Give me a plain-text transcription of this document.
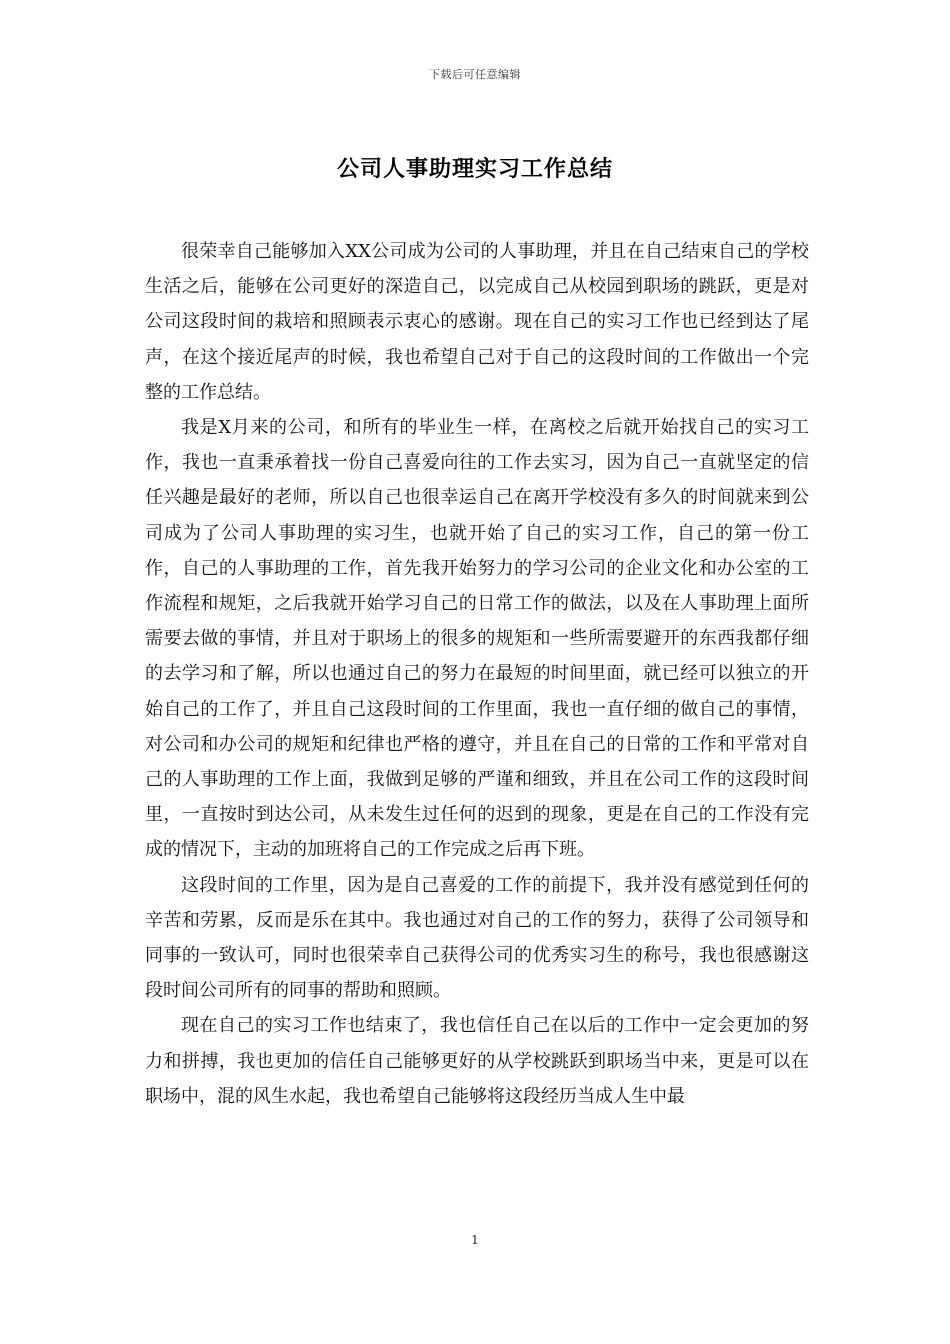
下载后可任意编辑
公司人事助理实习工作总结

很荣幸自己能够加入XX公司成为公司的人事助理，并且在自己结束自己的学校生活之后，能够在公司更好的深造自己，以完成自己从校园到职场的跳跃，更是对公司这段时间的栽培和照顾表示衷心的感谢。现在自己的实习工作也已经到达了尾声，在这个接近尾声的时候，我也希望自己对于自己的这段时间的工作做出一个完整的工作总结。

我是X月来的公司，和所有的毕业生一样，在离校之后就开始找自己的实习工作，我也一直秉承着找一份自己喜爱向往的工作去实习，因为自己一直就坚定的信任兴趣是最好的老师，所以自己也很幸运自己在离开学校没有多久的时间就来到公司成为了公司人事助理的实习生，也就开始了自己的实习工作，自己的第一份工作，自己的人事助理的工作，首先我开始努力的学习公司的企业文化和办公室的工作流程和规矩，之后我就开始学习自己的日常工作的做法，以及在人事助理上面所需要去做的事情，并且对于职场上的很多的规矩和一些所需要避开的东西我都仔细的去学习和了解，所以也通过自己的努力在最短的时间里面，就已经可以独立的开始自己的工作了，并且自己这段时间的工作里面，我也一直仔细的做自己的事情，对公司和办公司的规矩和纪律也严格的遵守，并且在自己的日常的工作和平常对自己的人事助理的工作上面，我做到足够的严谨和细致，并且在公司工作的这段时间里，一直按时到达公司，从未发生过任何的迟到的现象，更是在自己的工作没有完成的情况下，主动的加班将自己的工作完成之后再下班。

这段时间的工作里，因为是自己喜爱的工作的前提下，我并没有感觉到任何的辛苦和劳累，反而是乐在其中。我也通过对自己的工作的努力，获得了公司领导和同事的一致认可，同时也很荣幸自己获得公司的优秀实习生的称号，我也很感谢这段时间公司所有的同事的帮助和照顾。

现在自己的实习工作也结束了，我也信任自己在以后的工作中一定会更加的努力和拼搏，我也更加的信任自己能够更好的从学校跳跃到职场当中来，更是可以在职场中，混的风生水起，我也希望自己能够将这段经历当成人生中最

1
